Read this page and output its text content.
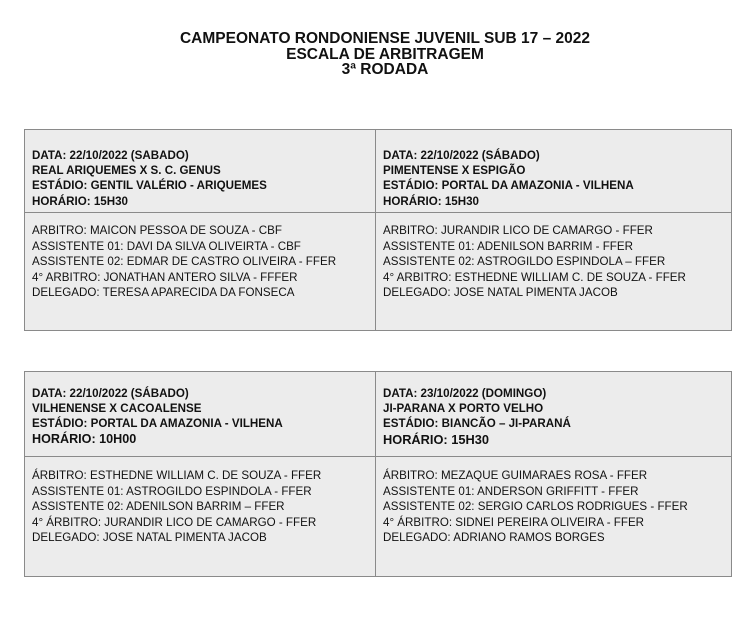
CAMPEONATO RONDONIENSE JUVENIL SUB 17 – 2022
ESCALA DE ARBITRAGEM
3ª RODADA
DATA: 22/10/2022 (SABADO)
REAL ARIQUEMES X S. C. GENUS
ESTÁDIO: GENTIL VALÉRIO - ARIQUEMES
HORÁRIO: 15H30
ARBITRO: MAICON PESSOA DE SOUZA - CBF
ASSISTENTE 01: DAVI DA SILVA OLIVEIRTA - CBF
ASSISTENTE 02: EDMAR DE CASTRO OLIVEIRA - FFER
4° ARBITRO: JONATHAN ANTERO SILVA - FFFER
DELEGADO: TERESA APARECIDA DA FONSECA
DATA: 22/10/2022 (SÁBADO)
PIMENTENSE X ESPIGÃO
ESTÁDIO: PORTAL DA AMAZONIA - VILHENA
HORÁRIO: 15H30
ARBITRO: JURANDIR LICO DE CAMARGO - FFER
ASSISTENTE 01: ADENILSON BARRIM - FFER
ASSISTENTE 02: ASTROGILDO ESPINDOLA – FFER
4° ARBITRO: ESTHEDNE WILLIAM C. DE SOUZA - FFER
DELEGADO: JOSE NATAL PIMENTA JACOB
DATA: 22/10/2022 (SÁBADO)
VILHENENSE X CACOALENSE
ESTÁDIO: PORTAL DA AMAZONIA - VILHENA
HORÁRIO: 10H00
ÁRBITRO: ESTHEDNE WILLIAM C. DE SOUZA - FFER
ASSISTENTE 01: ASTROGILDO ESPINDOLA - FFER
ASSISTENTE 02: ADENILSON BARRIM – FFER
4° ÁRBITRO: JURANDIR LICO DE CAMARGO - FFER
DELEGADO: JOSE NATAL PIMENTA JACOB
DATA: 23/10/2022 (DOMINGO)
JI-PARANA X PORTO VELHO
ESTÁDIO: BIANCÃO – JI-PARANÁ
HORÁRIO: 15H30
ÁRBITRO: MEZAQUE GUIMARAES ROSA - FFER
ASSISTENTE 01: ANDERSON GRIFFITT - FFER
ASSISTENTE 02: SERGIO CARLOS RODRIGUES - FFER
4° ÁRBITRO: SIDNEI PEREIRA OLIVEIRA - FFER
DELEGADO: ADRIANO RAMOS BORGES
